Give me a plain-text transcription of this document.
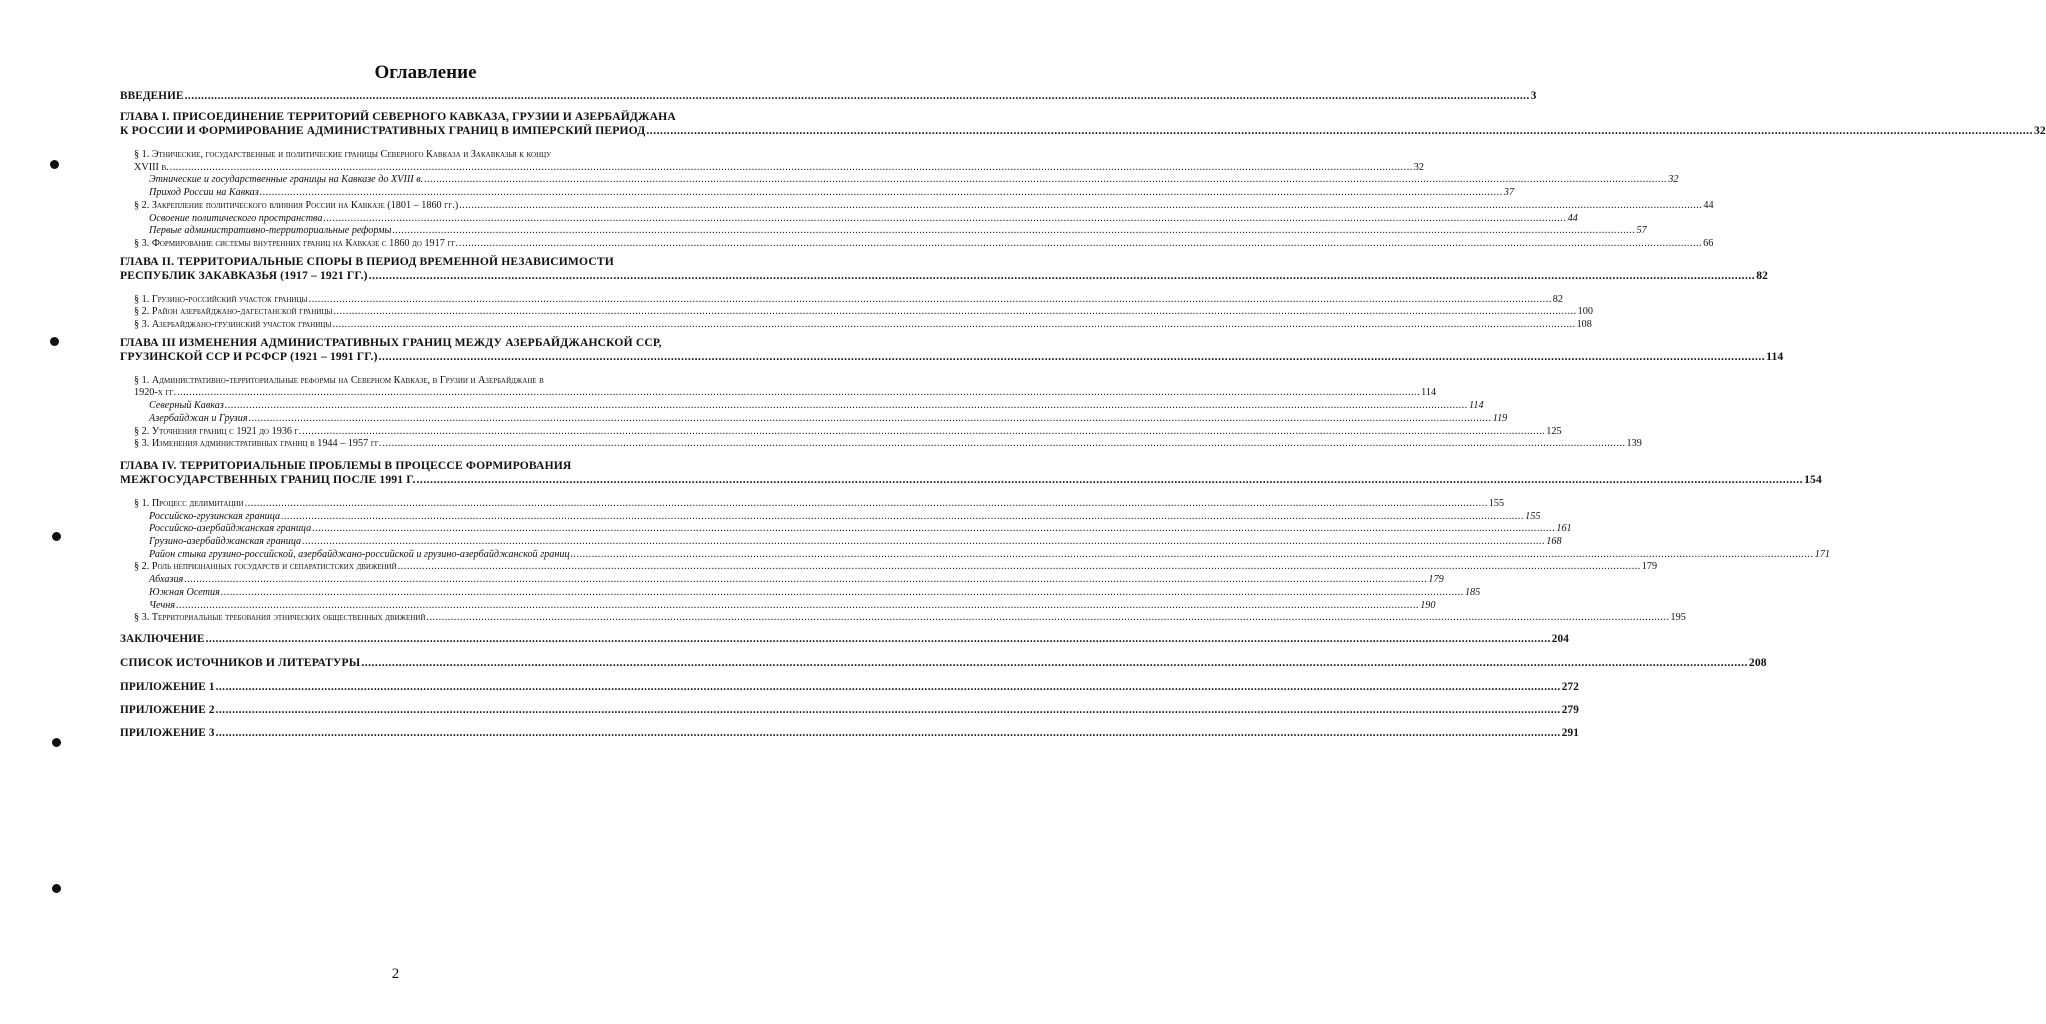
Оглавление
ВВЕДЕНИЕ .....	3
ГЛАВА I. ПРИСОЕДИНЕНИЕ ТЕРРИТОРИЙ СЕВЕРНОГО КАВКАЗА, ГРУЗИИ И АЗЕРБАЙДЖАНА
К РОССИИ И ФОРМИРОВАНИЕ АДМИНИСТРАТИВНЫХ ГРАНИЦ В ИМПЕРСКИЙ ПЕРИОД .....	32
§ 1. Этнические, государственные и политические границы Северного Кавказа и Закавказья к концу
XVIII в. .....	32
Этнические и государственные границы на Кавказе до XVIII в. .....	32
Приход России на Кавказ .....	37
§ 2. Закрепление политического влияния России на Кавказе (1801 – 1860 гг.) .....	44
Освоение политического пространства .....	44
Первые административно-территориальные реформы .....	57
§ 3. Формирование системы внутренних границ на Кавказе с 1860 до 1917 гг. .....	66
ГЛАВА II. ТЕРРИТОРИАЛЬНЫЕ СПОРЫ В ПЕРИОД ВРЕМЕННОЙ НЕЗАВИСИМОСТИ
РЕСПУБЛИК ЗАКАВКАЗЬЯ (1917 – 1921 ГГ.) .....	82
§ 1. Грузино-российский участок границы .....	82
§ 2. Район азербайджано-дагестанской границы .....	100
§ 3. Азербайджано-грузинский участок границы .....	108
ГЛАВА III ИЗМЕНЕНИЯ АДМИНИСТРАТИВНЫХ ГРАНИЦ МЕЖДУ АЗЕРБАЙДЖАНСКОЙ ССР,
ГРУЗИНСКОЙ ССР И РСФСР (1921 – 1991 ГГ.) .....	114
§ 1. Административно-территориальные реформы на Северном Кавказе, в Грузии и Азербайджане в
1920-х гг. .....	114
Северный Кавказ .....	114
Азербайджан и Грузия .....	119
§ 2. Уточнения границ с 1921 до 1936 г. .....	125
§ 3. Изменения административных границ в 1944 – 1957 гг. .....	139
ГЛАВА IV. ТЕРРИТОРИАЛЬНЫЕ ПРОБЛЕМЫ В ПРОЦЕССЕ ФОРМИРОВАНИЯ
МЕЖГОСУДАРСТВЕННЫХ ГРАНИЦ ПОСЛЕ 1991 Г. .....	154
§ 1. Процесс делимитации .....	155
Российско-грузинская граница .....	155
Российско-азербайджанская граница .....	161
Грузино-азербайджанская граница .....	168
Район стыка грузино-российской, азербайджано-российской и грузино-азербайджанской границ .....	171
§ 2. Роль непризнанных государств и сепаратистских движений .....	179
Абхазия .....	179
Южная Осетия .....	185
Чечня .....	190
§ 3. Территориальные требования этнических общественных движений .....	195
ЗАКЛЮЧЕНИЕ .....	204
СПИСОК ИСТОЧНИКОВ И ЛИТЕРАТУРЫ .....	208
ПРИЛОЖЕНИЕ 1 .....	272
ПРИЛОЖЕНИЕ 2 .....	279
ПРИЛОЖЕНИЕ 3 .....	291
2
